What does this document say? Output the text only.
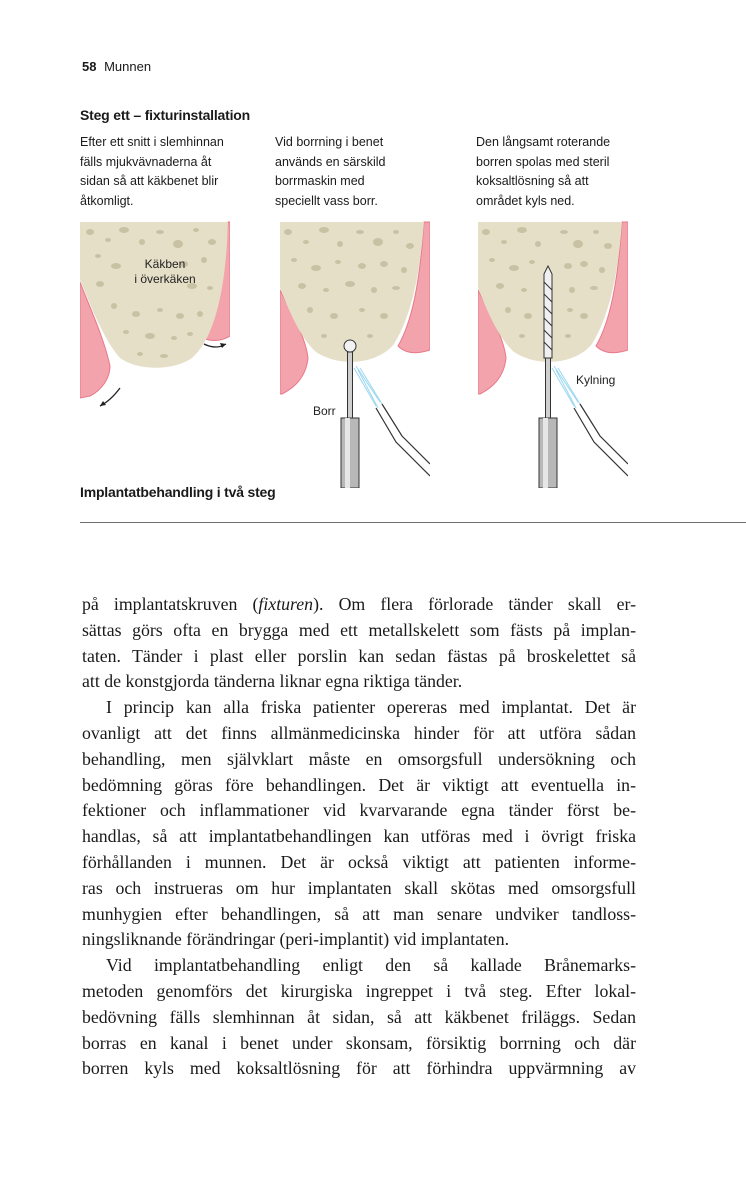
58 Munnen
Steg ett – fixturinstallation
Efter ett snitt i slemhinnan
fälls mjukvävnaderna åt
sidan så att käkbenet blir
åtkomligt.
Vid borrning i benet
används en särskild
borrmaskin med
speciellt vass borr.
Den långsamt roterande
borren spolas med steril
koksaltlösning så att
området kyls ned.
Käkben
i överkäken
Borr
Kylning
Implantatbehandling i två steg
på implantatskruven (fixturen). Om flera förlorade tänder skall er-
sättas görs ofta en brygga med ett metallskelett som fästs på implan-
taten. Tänder i plast eller porslin kan sedan fästas på broskelettet så
att de konstgjorda tänderna liknar egna riktiga tänder.
I princip kan alla friska patienter opereras med implantat. Det är
ovanligt att det finns allmänmedicinska hinder för att utföra sådan
behandling, men självklart måste en omsorgsfull undersökning och
bedömning göras före behandlingen. Det är viktigt att eventuella in-
fektioner och inflammationer vid kvarvarande egna tänder först be-
handlas, så att implantatbehandlingen kan utföras med i övrigt friska
förhållanden i munnen. Det är också viktigt att patienten informe-
ras och instrueras om hur implantaten skall skötas med omsorgsfull
munhygien efter behandlingen, så att man senare undviker tandloss-
ningsliknande förändringar (peri-implantit) vid implantaten.
Vid implantatbehandling enligt den så kallade Brånemarks-
metoden genomförs det kirurgiska ingreppet i två steg. Efter lokal-
bedövning fälls slemhinnan åt sidan, så att käkbenet friläggs. Sedan
borras en kanal i benet under skonsam, försiktig borrning och där
borren kyls med koksaltlösning för att förhindra uppvärmning av
